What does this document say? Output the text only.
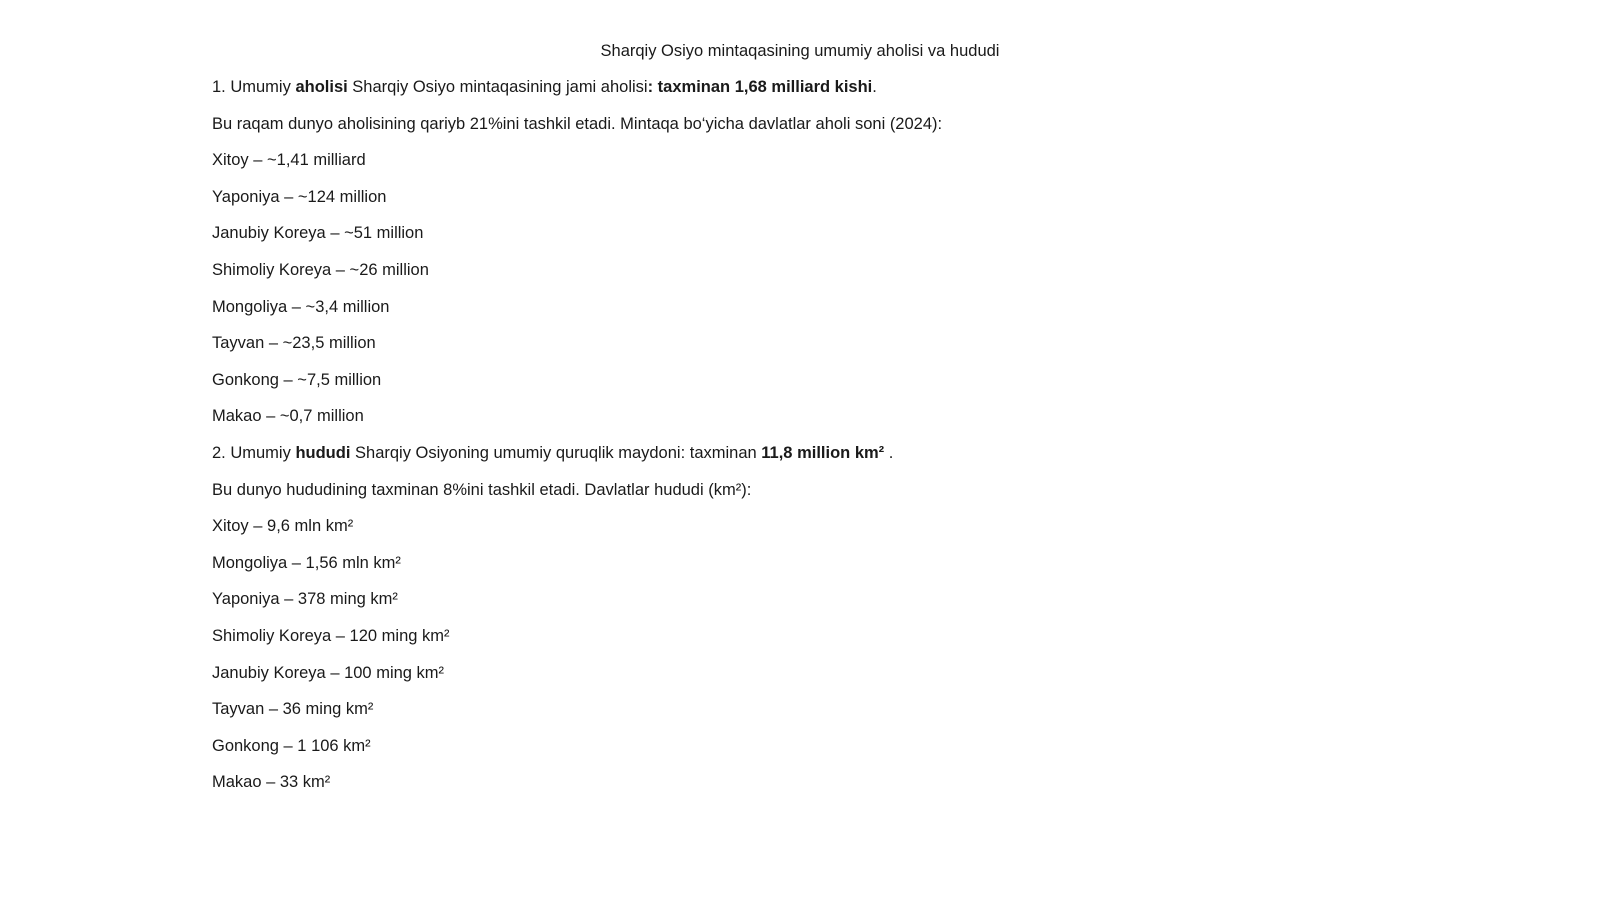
Sharqiy Osiyo mintaqasining umumiy aholisi va hududi
1. Umumiy aholisi Sharqiy Osiyo mintaqasining jami aholisi: taxminan 1,68 milliard kishi.
Bu raqam dunyo aholisining qariyb 21%ini tashkil etadi. Mintaqa bo‘yicha davlatlar aholi soni (2024):
Xitoy – ~1,41 milliard
Yaponiya – ~124 million
Janubiy Koreya – ~51 million
Shimoliy Koreya – ~26 million
Mongoliya – ~3,4 million
Tayvan – ~23,5 million
Gonkong – ~7,5 million
Makao – ~0,7 million
2. Umumiy hududi Sharqiy Osiyoning umumiy quruqlik maydoni: taxminan 11,8 million km² .
Bu dunyo hududining taxminan 8%ini tashkil etadi. Davlatlar hududi (km²):
Xitoy – 9,6 mln km²
Mongoliya – 1,56 mln km²
Yaponiya – 378 ming km²
Shimoliy Koreya – 120 ming km²
Janubiy Koreya – 100 ming km²
Tayvan – 36 ming km²
Gonkong – 1 106 km²
Makao – 33 km²
